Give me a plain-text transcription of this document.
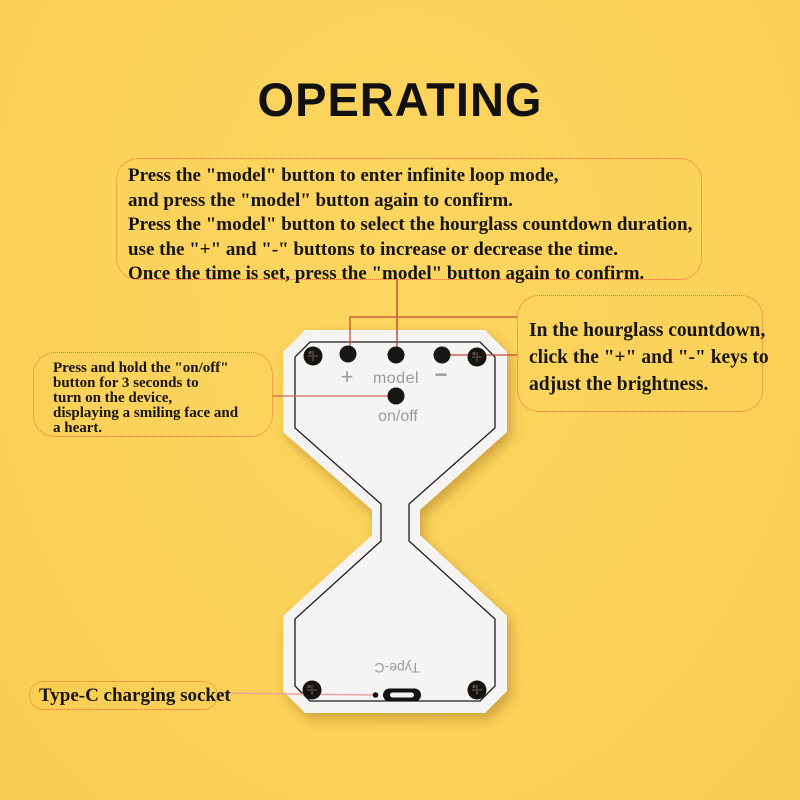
+ model −
on/off
Type-C
OPERATING
Press the "model" button to enter infinite loop mode,
and press the "model" button again to confirm.
Press the "model" button to select the hourglass countdown duration,
use the "+" and "-" buttons to increase or decrease the time.
Once the time is set, press the "model" button again to confirm.
In the hourglass countdown,
click the "+" and "-" keys to
adjust the brightness.
Press and hold the "on/off"
button for 3 seconds to
turn on the device,
displaying a smiling face and
a heart.
Type-C charging socket
